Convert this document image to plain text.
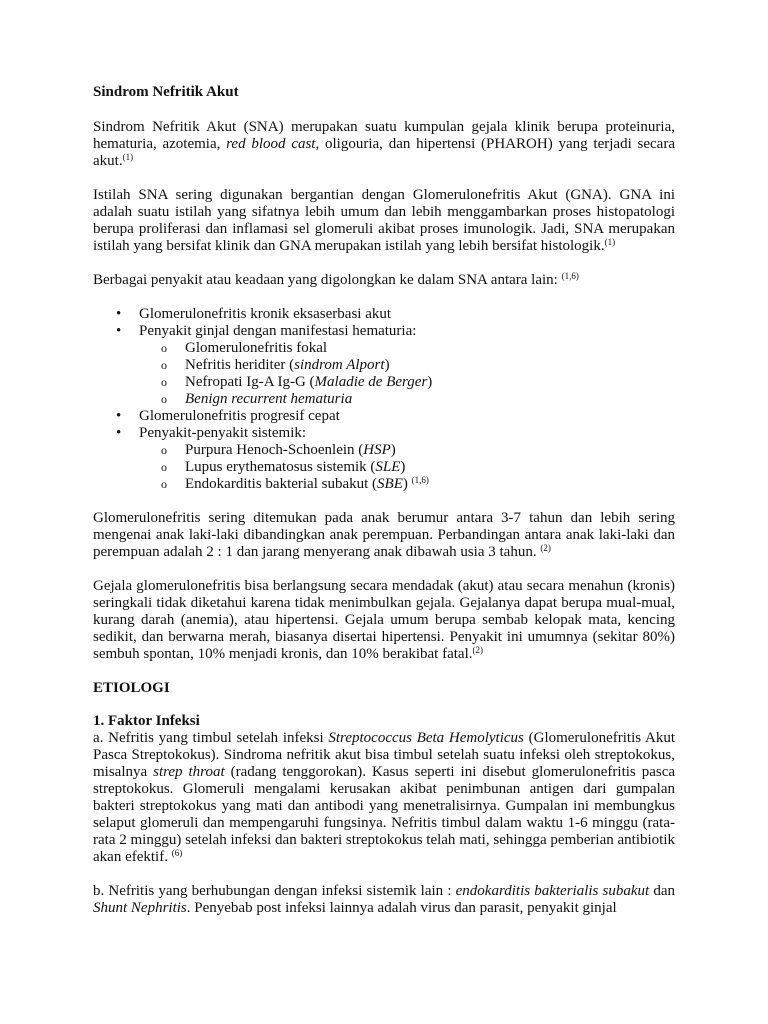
Sindrom Nefritik Akut

Sindrom Nefritik Akut (SNA) merupakan suatu kumpulan gejala klinik berupa proteinuria, hematuria, azotemia, red blood cast, oligouria, dan hipertensi (PHAROH) yang terjadi secara akut.$^{(1)}$

Istilah SNA sering digunakan bergantian dengan Glomerulonefritis Akut (GNA). GNA ini adalah suatu istilah yang sifatnya lebih umum dan lebih menggambarkan proses histopatologi berupa proliferasi dan inflamasi sel glomeruli akibat proses imunologik. Jadi, SNA merupakan istilah yang bersifat klinik dan GNA merupakan istilah yang lebih bersifat histologik.$^{(1)}$

Berbagai penyakit atau keadaan yang digolongkan ke dalam SNA antara lain: $^{(1,6)}$

• Glomerulonefritis kronik eksaserbasi akut
• Penyakit ginjal dengan manifestasi hematuria:
o Glomerulonefritis fokal
o Nefritis heriditer (sindrom Alport)
o Nefropati Ig-A Ig-G (Maladie de Berger)
o Benign recurrent hematuria
• Glomerulonefritis progresif cepat
• Penyakit-penyakit sistemik:
o Purpura Henoch-Schoenlein (HSP)
o Lupus erythematosus sistemik (SLE)
o Endokarditis bakterial subakut (SBE) $^{(1,6)}$

Glomerulonefritis sering ditemukan pada anak berumur antara 3-7 tahun dan lebih sering mengenai anak laki-laki dibandingkan anak perempuan. Perbandingan antara anak laki-laki dan perempuan adalah 2 : 1 dan jarang menyerang anak dibawah usia 3 tahun. $^{(2)}$

Gejala glomerulonefritis bisa berlangsung secara mendadak (akut) atau secara menahun (kronis) seringkali tidak diketahui karena tidak menimbulkan gejala. Gejalanya dapat berupa mual-mual, kurang darah (anemia), atau hipertensi. Gejala umum berupa sembab kelopak mata, kencing sedikit, dan berwarna merah, biasanya disertai hipertensi. Penyakit ini umumnya (sekitar 80%) sembuh spontan, 10% menjadi kronis, dan 10% berakibat fatal.$^{(2)}$

ETIOLOGI
1. Faktor Infeksi

a. Nefritis yang timbul setelah infeksi Streptococcus Beta Hemolyticus (Glomerulonefritis Akut Pasca Streptokokus). Sindroma nefritik akut bisa timbul setelah suatu infeksi oleh streptokokus, misalnya strep throat (radang tenggorokan). Kasus seperti ini disebut glomerulonefritis pasca streptokokus. Glomeruli mengalami kerusakan akibat penimbunan antigen dari gumpalan bakteri streptokokus yang mati dan antibodi yang menetralisirnya. Gumpalan ini membungkus selaput glomeruli dan mempengaruhi fungsinya. Nefritis timbul dalam waktu 1-6 minggu (rata-rata 2 minggu) setelah infeksi dan bakteri streptokokus telah mati, sehingga pemberian antibiotik akan efektif. $^{(6)}$

b. Nefritis yang berhubungan dengan infeksi sistemik lain : endokarditis bakterialis subakut dan Shunt Nephritis. Penyebab post infeksi lainnya adalah virus dan parasit, penyakit ginjal
